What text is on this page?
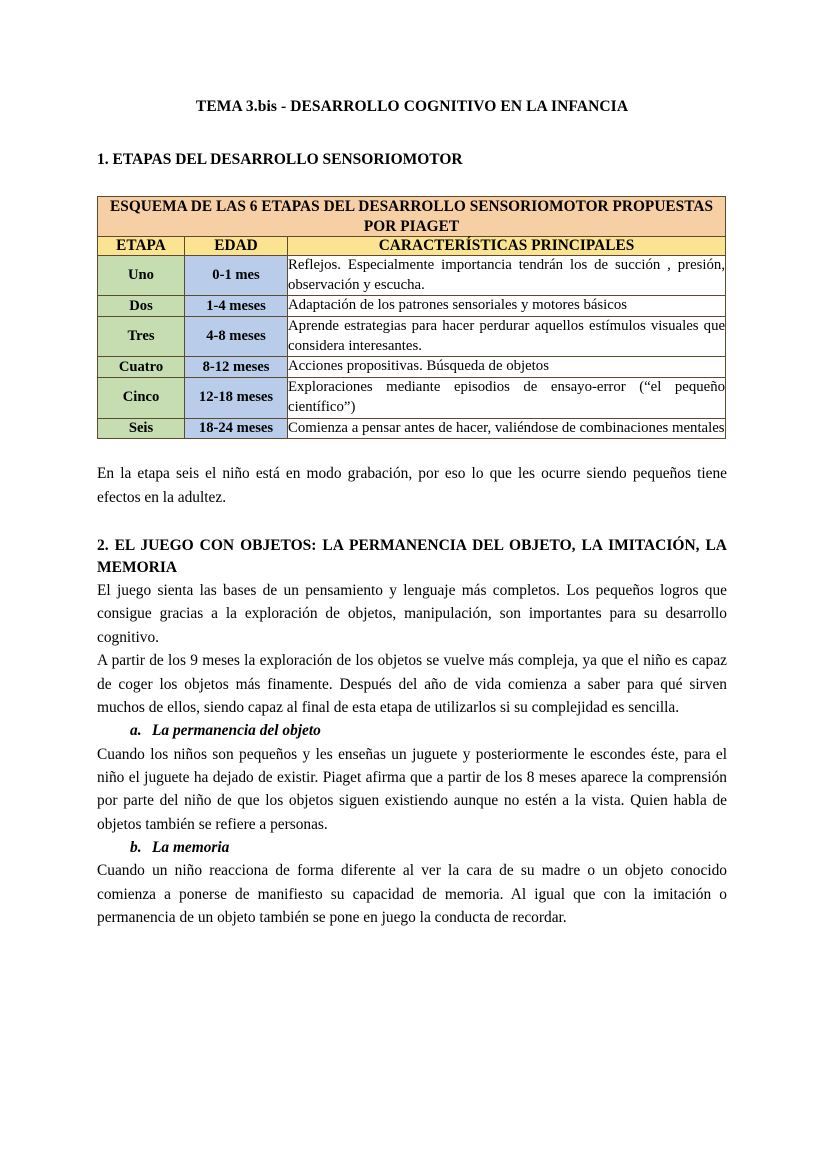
TEMA 3.bis - DESARROLLO COGNITIVO EN LA INFANCIA
1. ETAPAS DEL DESARROLLO SENSORIOMOTOR
ESQUEMA DE LAS 6 ETAPAS DEL DESARROLLO SENSORIOMOTOR PROPUESTAS POR PIAGET		
ETAPA	EDAD	CARACTERÍSTICAS PRINCIPALES
Uno	0-1 mes	Reflejos. Especialmente importancia tendrán los de succión , presión, observación y escucha.
Dos	1-4 meses	Adaptación de los patrones sensoriales y motores básicos
Tres	4-8 meses	Aprende estrategias para hacer perdurar aquellos estímulos visuales que considera interesantes.
Cuatro	8-12 meses	Acciones propositivas. Búsqueda de objetos
Cinco	12-18 meses	Exploraciones mediante episodios de ensayo-error (“el pequeño científico”)
Seis	18-24 meses	Comienza a pensar antes de hacer, valiéndose de combinaciones mentales

En la etapa seis el niño está en modo grabación, por eso lo que les ocurre siendo pequeños tiene efectos en la adultez.

2. EL JUEGO CON OBJETOS: LA PERMANENCIA DEL OBJETO, LA IMITACIÓN, LA MEMORIA

El juego sienta las bases de un pensamiento y lenguaje más completos. Los pequeños logros que consigue gracias a la exploración de objetos, manipulación, son importantes para su desarrollo cognitivo.

A partir de los 9 meses la exploración de los objetos se vuelve más compleja, ya que el niño es capaz de coger los objetos más finamente. Después del año de vida comienza a saber para qué sirven muchos de ellos, siendo capaz al final de esta etapa de utilizarlos si su complejidad es sencilla.

a. La permanencia del objeto

Cuando los niños son pequeños y les enseñas un juguete y posteriormente le escondes éste, para el niño el juguete ha dejado de existir. Piaget afirma que a partir de los 8 meses aparece la comprensión por parte del niño de que los objetos siguen existiendo aunque no estén a la vista. Quien habla de objetos también se refiere a personas.

b. La memoria

Cuando un niño reacciona de forma diferente al ver la cara de su madre o un objeto conocido comienza a ponerse de manifiesto su capacidad de memoria. Al igual que con la imitación o permanencia de un objeto también se pone en juego la conducta de recordar.
